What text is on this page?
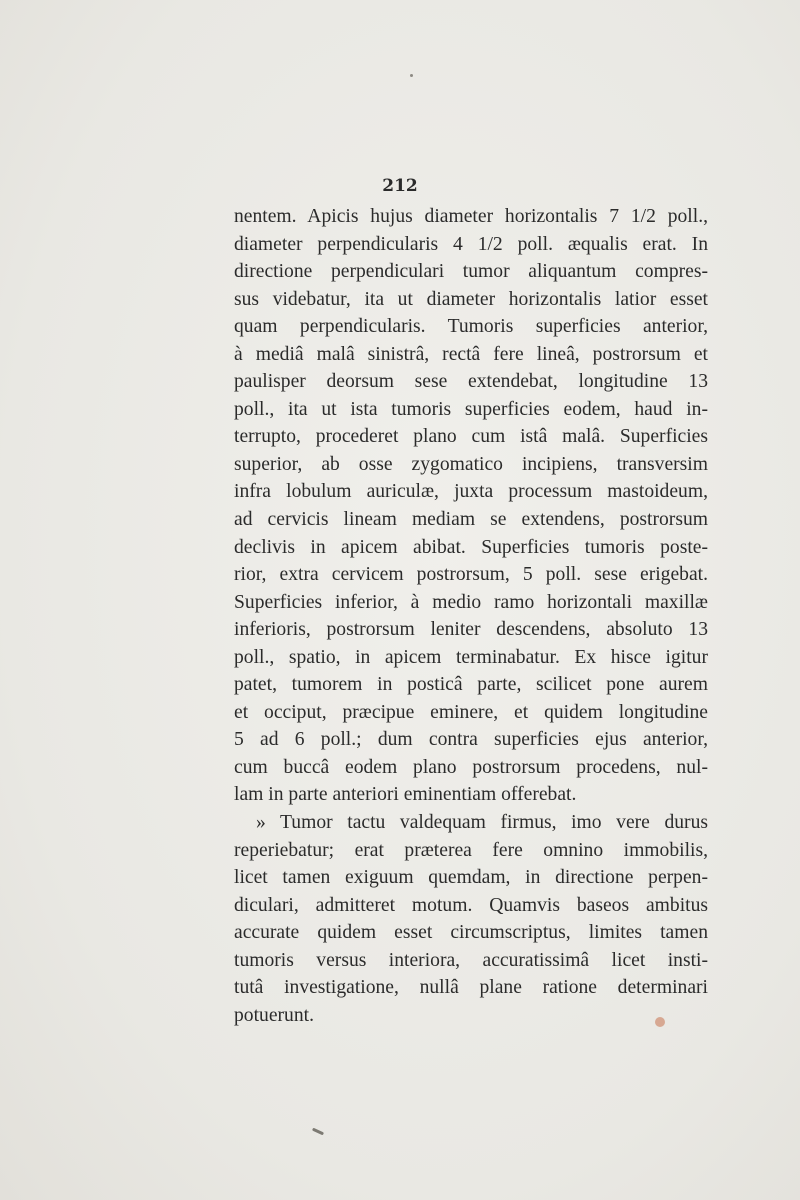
212
nentem. Apicis hujus diameter horizontalis 7 1/2 poll.,
diameter perpendicularis 4 1/2 poll. æqualis erat. In
directione perpendiculari tumor aliquantum compres-
sus videbatur, ita ut diameter horizontalis latior esset
quam perpendicularis. Tumoris superficies anterior,
à mediâ malâ sinistrâ, rectâ fere lineâ, postrorsum et
paulisper deorsum sese extendebat, longitudine 13
poll., ita ut ista tumoris superficies eodem, haud in-
terrupto, procederet plano cum istâ malâ. Superficies
superior, ab osse zygomatico incipiens, transversim
infra lobulum auriculæ, juxta processum mastoideum,
ad cervicis lineam mediam se extendens, postrorsum
declivis in apicem abibat. Superficies tumoris poste-
rior, extra cervicem postrorsum, 5 poll. sese erigebat.
Superficies inferior, à medio ramo horizontali maxillæ
inferioris, postrorsum leniter descendens, absoluto 13
poll., spatio, in apicem terminabatur. Ex hisce igitur
patet, tumorem in posticâ parte, scilicet pone aurem
et occiput, præcipue eminere, et quidem longitudine
5 ad 6 poll.; dum contra superficies ejus anterior,
cum buccâ eodem plano postrorsum procedens, nul-
lam in parte anteriori eminentiam offerebat.
» Tumor tactu valdequam firmus, imo vere durus
reperiebatur; erat præterea fere omnino immobilis,
licet tamen exiguum quemdam, in directione perpen-
diculari, admitteret motum. Quamvis baseos ambitus
accurate quidem esset circumscriptus, limites tamen
tumoris versus interiora, accuratissimâ licet insti-
tutâ investigatione, nullâ plane ratione determinari
potuerunt.
